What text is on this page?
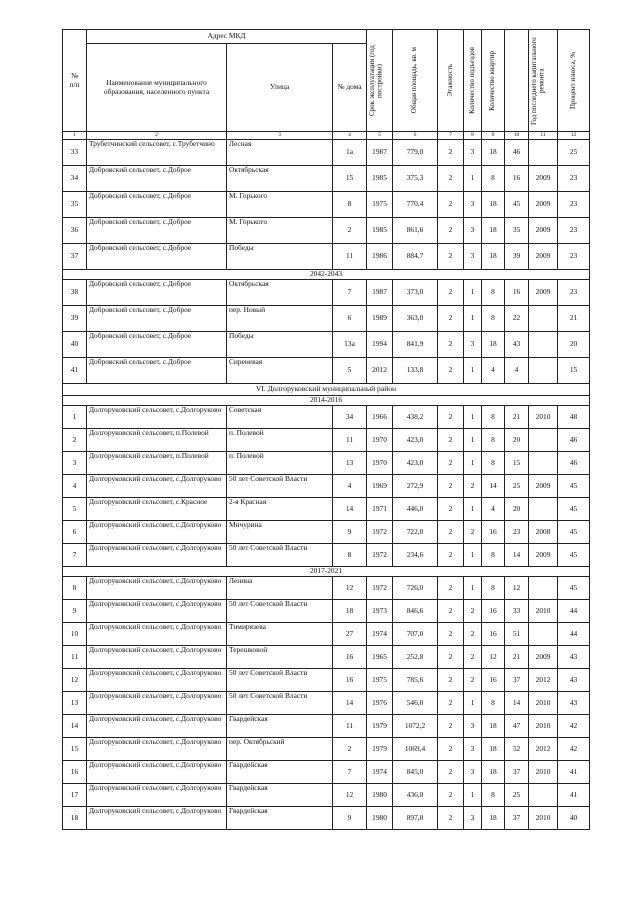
№
п/п	Адрес МКД			Срок эксплуатации (год постройки)	Общая площадь, кв. м	Этажность	Количество подъездов	Количество квартир		Год последнего капитального ремонта	Процент износа, %

	Наименование муниципального образования, населенного пункта	Улица	№ дома								
1	2	3	4	5	6	7	8	9	10	11	12
33	Трубетчинский сельсовет, с.Трубетчино	Лесная	1а	1987	779,0	2	3	18	46		25
34	Добровский сельсовет, с.Доброе	Октябрьская	15	1985	375,3	2	1	8	16	2009	23
35	Добровский сельсовет, с.Доброе	М. Горького	8	1975	770,4	2	3	18	45	2009	23
36	Добровский сельсовет, с.Доброе	М. Горького	2	1985	861,6	2	3	18	35	2009	23
37	Добровский сельсовет, с.Доброе	Победы	11	1986	884,7	2	3	18	39	2009	23
2042-2043											
38	Добровский сельсовет, с.Доброе	Октябрьская	7	1987	373,0	2	1	8	16	2009	23
39	Добровский сельсовет, с.Доброе	пер. Новый	6	1989	363,0	2	1	8	22		21
40	Добровский сельсовет, с.Доброе	Победы	13а	1994	841,9	2	3	18	43		20
41	Добровский сельсовет, с.Доброе	Сиреневая	5	2012	133,8	2	1	4	4		15
VI. Долгоруковский муниципальный район											
2014-2016											
1	Долгоруковский сельсовет, с.Долгоруково	Советская	34	1966	438,2	2	1	8	21	2010	48
2	Долгоруковский сельсовет, п.Полевой	п. Полевой	11	1970	423,0	2	1	8	20		46
3	Долгоруковский сельсовет, п.Полевой	п. Полевой	13	1970	423,0	2	1	8	15		46
4	Долгоруковский сельсовет, с.Долгоруково	50 лет Советской Власти	4	1969	272,9	2	2	14	25	2009	45
5	Долгоруковский сельсовет, с.Красное	2-я Красная	14	1971	446,0	2	1	4	20		45
6	Долгоруковский сельсовет, с.Долгоруково	Мичурина	9	1972	722,0	2	2	16	23	2008	45
7	Долгоруковский сельсовет, с.Долгоруково	50 лет Советской Власти	8	1972	234,6	2	1	8	14	2009	45
2017-2021											
8	Долгоруковский сельсовет, с.Долгоруково	Ленина	12	1972	726,0	2	1	8	12		45
9	Долгоруковский сельсовет, с.Долгоруково	50 лет Советской Власти	18	1973	846,6	2	2	16	33	2010	44
10	Долгоруковский сельсовет, с.Долгоруково	Тимирязева	27	1974	707,0	2	2	16	51		44
11	Долгоруковский сельсовет, с.Долгоруково	Терешковой	16	1965	252,8	2	2	12	21	2009	43
12	Долгоруковский сельсовет, с.Долгоруково	50 лет Советской Власти	16	1975	785,6	2	2	16	37	2012	43
13	Долгоруковский сельсовет, с.Долгоруково	50 лет Советской Власти	14	1976	546,0	2	1	8	14	2010	43
14	Долгоруковский сельсовет, с.Долгоруково	Гвардейская	11	1979	1072,2	2	3	18	47	2010	42
15	Долгоруковский сельсовет, с.Долгоруково	пер. Октябрьский	2	1979	1069,4	2	3	18	52	2012	42
16	Долгоруковский сельсовет, с.Долгоруково	Гвардейская	7	1974	845,0	2	3	18	37	2010	41
17	Долгоруковский сельсовет, с.Долгоруково	Гвардейская	12	1980	436,0	2	1	8	25		41
18	Долгоруковский сельсовет, с.Долгоруково	Гвардейская	9	1980	897,8	2	3	18	37	2010	40
